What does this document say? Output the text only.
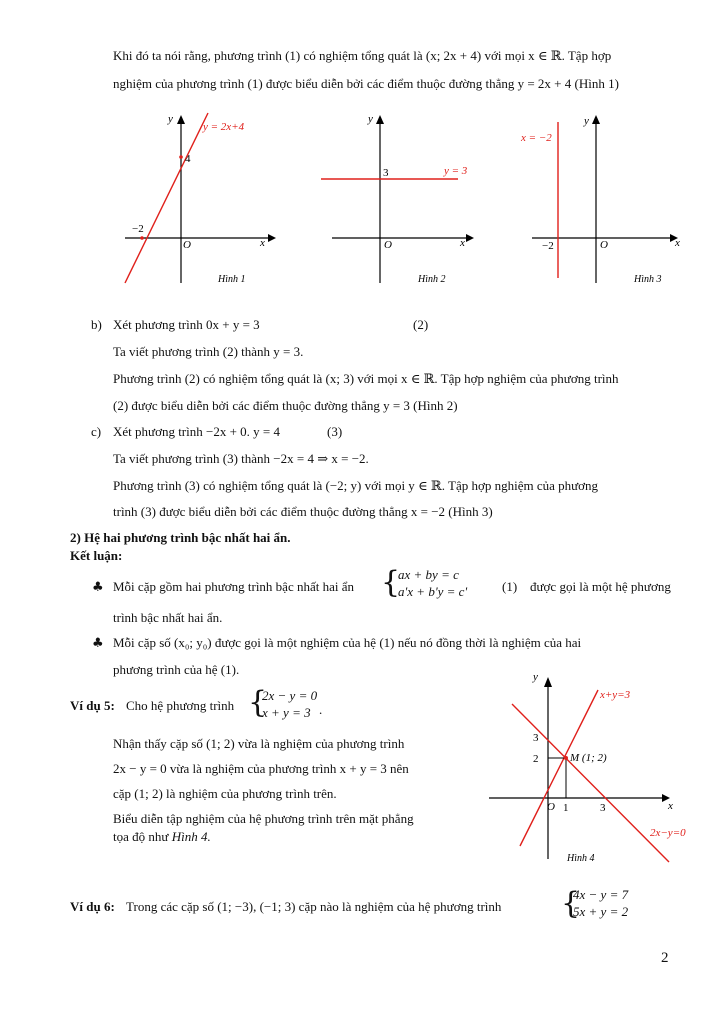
Khi đó ta nói rằng, phương trình (1) có nghiệm tổng quát là (x; 2x + 4) với mọi x ∈ ℝ. Tập hợp
nghiệm của phương trình (1) được biểu diễn bởi các điểm thuộc đường thẳng y = 2x + 4 (Hình 1)
y
y = 2x+4
4
−2
O	x
Hình 1
y
y = 3
3
O	x
Hình 2
y
x = −2
−2	O	x
Hình 3
b) Xét phương trình 0x + y = 3	(2)
Ta viết phương trình (2) thành y = 3.
Phương trình (2) có nghiệm tổng quát là (x; 3) với mọi x ∈ ℝ. Tập hợp nghiệm của phương trình
(2) được biểu diễn bởi các điểm thuộc đường thẳng y = 3 (Hình 2)
c) Xét phương trình −2x + 0. y = 4	(3)
Ta viết phương trình (3) thành −2x = 4 ⇒ x = −2.
Phương trình (3) có nghiệm tổng quát là (−2; y) với mọi y ∈ ℝ. Tập hợp nghiệm của phương
trình (3) được biểu diễn bởi các điểm thuộc đường thẳng x = −2 (Hình 3)
2) Hệ hai phương trình bậc nhất hai ẩn.
Kết luận:
♣ Mỗi cặp gồm hai phương trình bậc nhất hai ẩn {
ax + by = c
a'x + b'y = c'	(1) được gọi là một hệ phương
trình bậc nhất hai ẩn.
♣ Mỗi cặp số (x₀; y₀) được gọi là một nghiệm của hệ (1) nếu nó đồng thời là nghiệm của hai
phương trình của hệ (1).
Ví dụ 5: Cho hệ phương trình {
2x − y = 0
x + y = 3 .
Nhận thấy cặp số (1; 2) vừa là nghiệm của phương trình
2x − y = 0 vừa là nghiệm của phương trình x + y = 3 nên
cặp (1; 2) là nghiệm của phương trình trên.
Biểu diễn tập nghiệm của hệ phương trình trên mặt phẳng
tọa độ như Hình 4.
y
x+y=3
3
2	M (1; 2)
O 1	3	x
2x−y=0
Hình 4
Ví dụ 6: Trong các cặp số (1; −3), (−1; 3) cặp nào là nghiệm của hệ phương trình {
4x − y = 7
5x + y = 2
2
